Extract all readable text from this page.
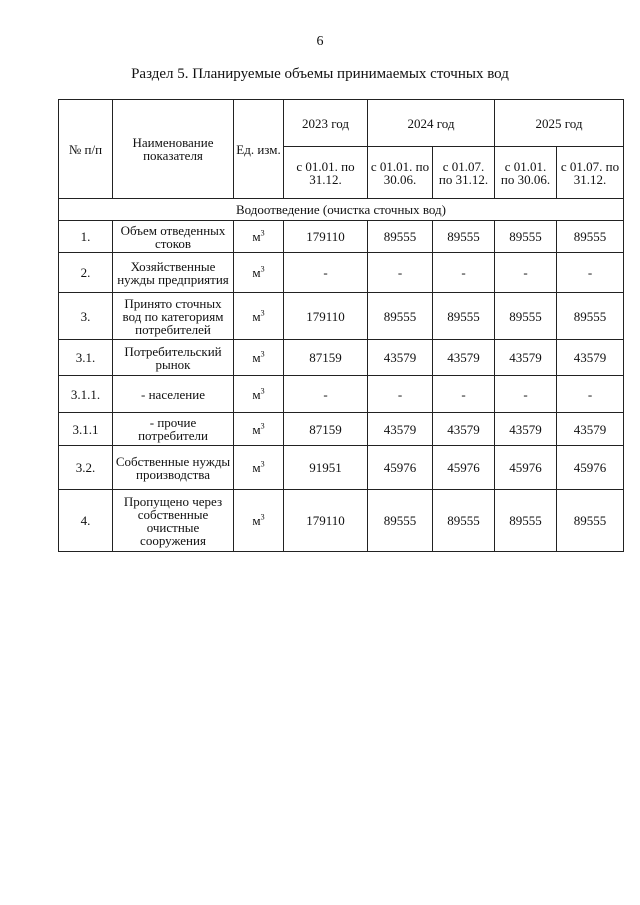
6
Раздел 5. Планируемые объемы принимаемых сточных вод
№ п/п	Наименование показателя	Ед. изм.	2023 год	2024 год		2025 год	
			с 01.01. по 31.12.	с 01.01. по 30.06.	с 01.07. по 31.12.	с 01.01. по 30.06.	с 01.07. по 31.12.
Водоотведение (очистка сточных вод)							
1.	Объем отведенных стоков	$м^3$	179110	89555	89555	89555	89555
2.	Хозяйственные нужды предприятия	$м^3$	-	-	-	-	-
3.	Принято сточных вод по категориям потребителей	$м^3$	179110	89555	89555	89555	89555
3.1.	Потребительский рынок	$м^3$	87159	43579	43579	43579	43579
3.1.1.	- население	$м^3$	-	-	-	-	-
3.1.1	- прочие потребители	$м^3$	87159	43579	43579	43579	43579
3.2.	Собственные нужды производства	$м^3$	91951	45976	45976	45976	45976
4.	Пропущено через собственные очистные сооружения	$м^3$	179110	89555	89555	89555	89555
